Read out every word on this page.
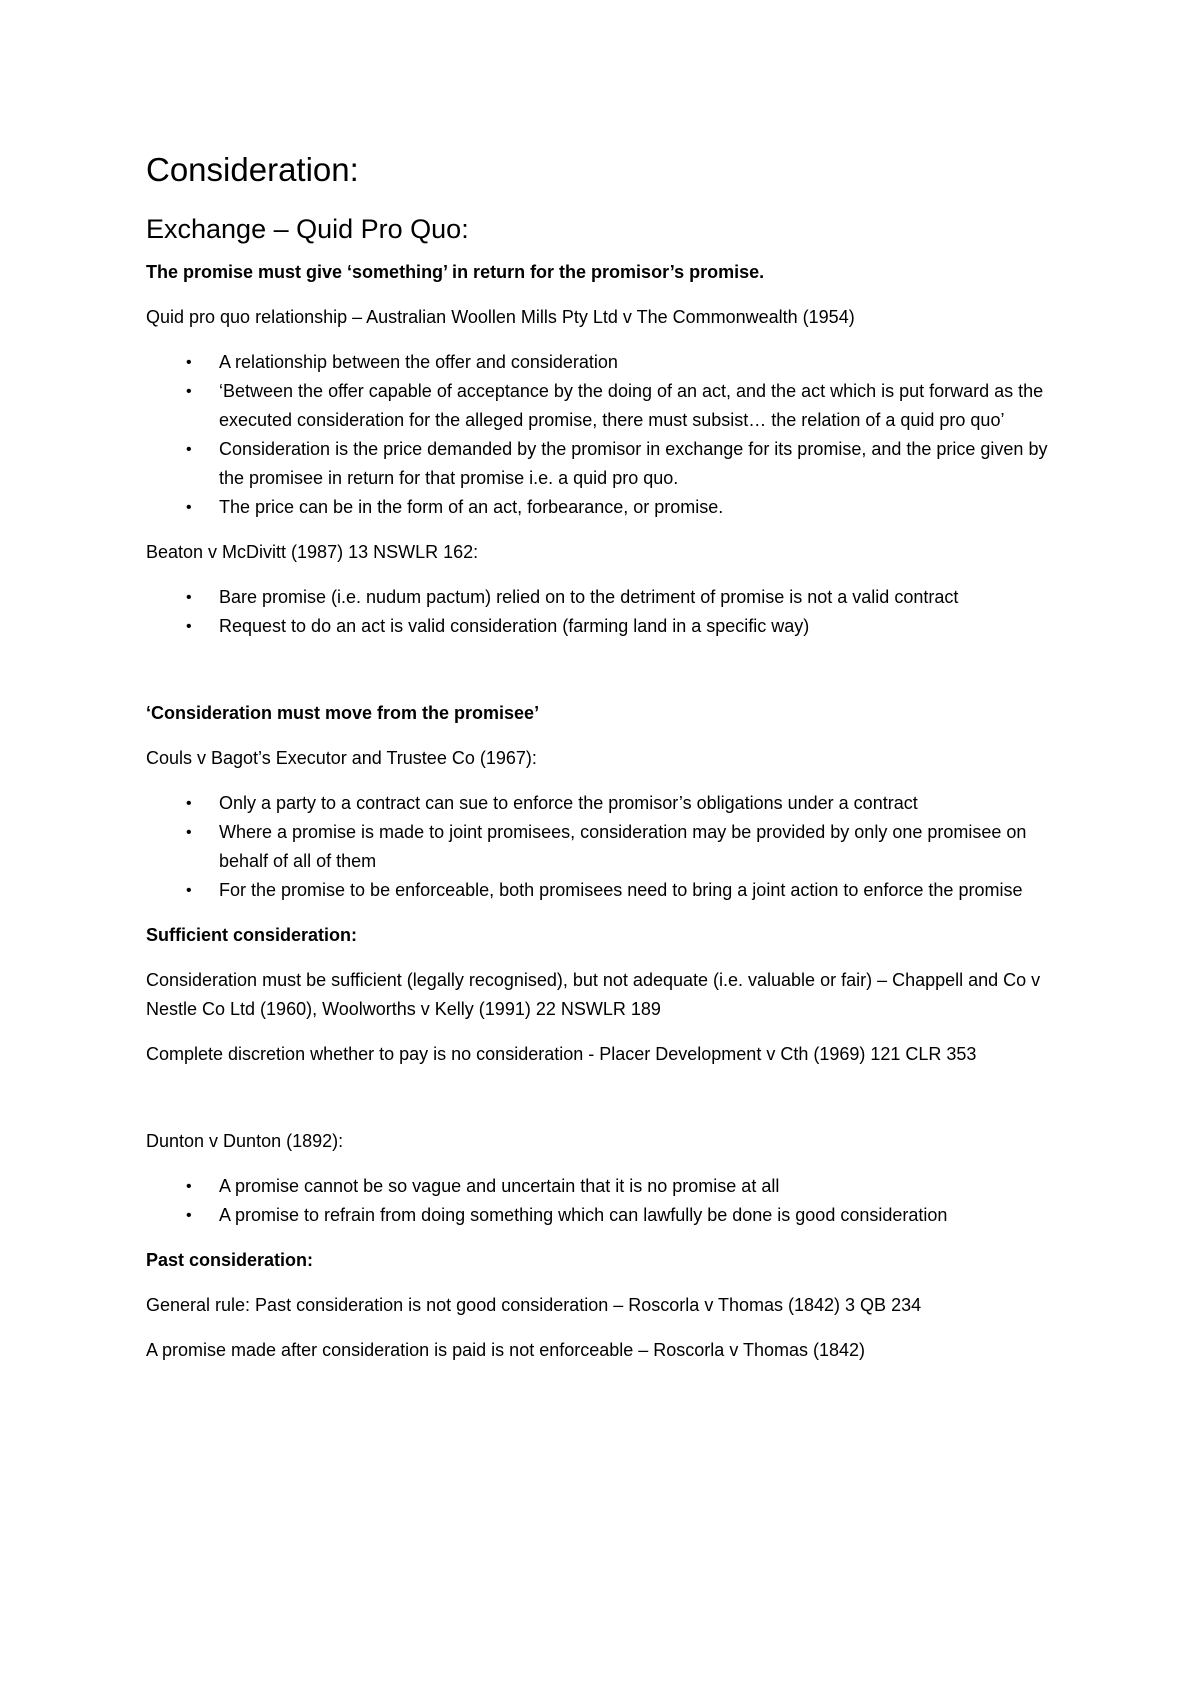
Consideration:
Exchange – Quid Pro Quo:

The promise must give ‘something’ in return for the promisor’s promise.

Quid pro quo relationship – Australian Woollen Mills Pty Ltd v The Commonwealth (1954)

• A relationship between the offer and consideration
• ‘Between the offer capable of acceptance by the doing of an act, and the act which is put forward as the executed consideration for the alleged promise, there must subsist… the relation of a quid pro quo’
• Consideration is the price demanded by the promisor in exchange for its promise, and the price given by the promisee in return for that promise i.e. a quid pro quo.
• The price can be in the form of an act, forbearance, or promise.

Beaton v McDivitt (1987) 13 NSWLR 162:

• Bare promise (i.e. nudum pactum) relied on to the detriment of promise is not a valid contract
• Request to do an act is valid consideration (farming land in a specific way)

‘Consideration must move from the promisee’

Couls v Bagot’s Executor and Trustee Co (1967):

• Only a party to a contract can sue to enforce the promisor’s obligations under a contract
• Where a promise is made to joint promisees, consideration may be provided by only one promisee on behalf of all of them
• For the promise to be enforceable, both promisees need to bring a joint action to enforce the promise

Sufficient consideration:

Consideration must be sufficient (legally recognised), but not adequate (i.e. valuable or fair) – Chappell and Co v Nestle Co Ltd (1960), Woolworths v Kelly (1991) 22 NSWLR 189

Complete discretion whether to pay is no consideration - Placer Development v Cth (1969) 121 CLR 353

Dunton v Dunton (1892):

• A promise cannot be so vague and uncertain that it is no promise at all
• A promise to refrain from doing something which can lawfully be done is good consideration

Past consideration:

General rule: Past consideration is not good consideration – Roscorla v Thomas (1842) 3 QB 234

A promise made after consideration is paid is not enforceable – Roscorla v Thomas (1842)
